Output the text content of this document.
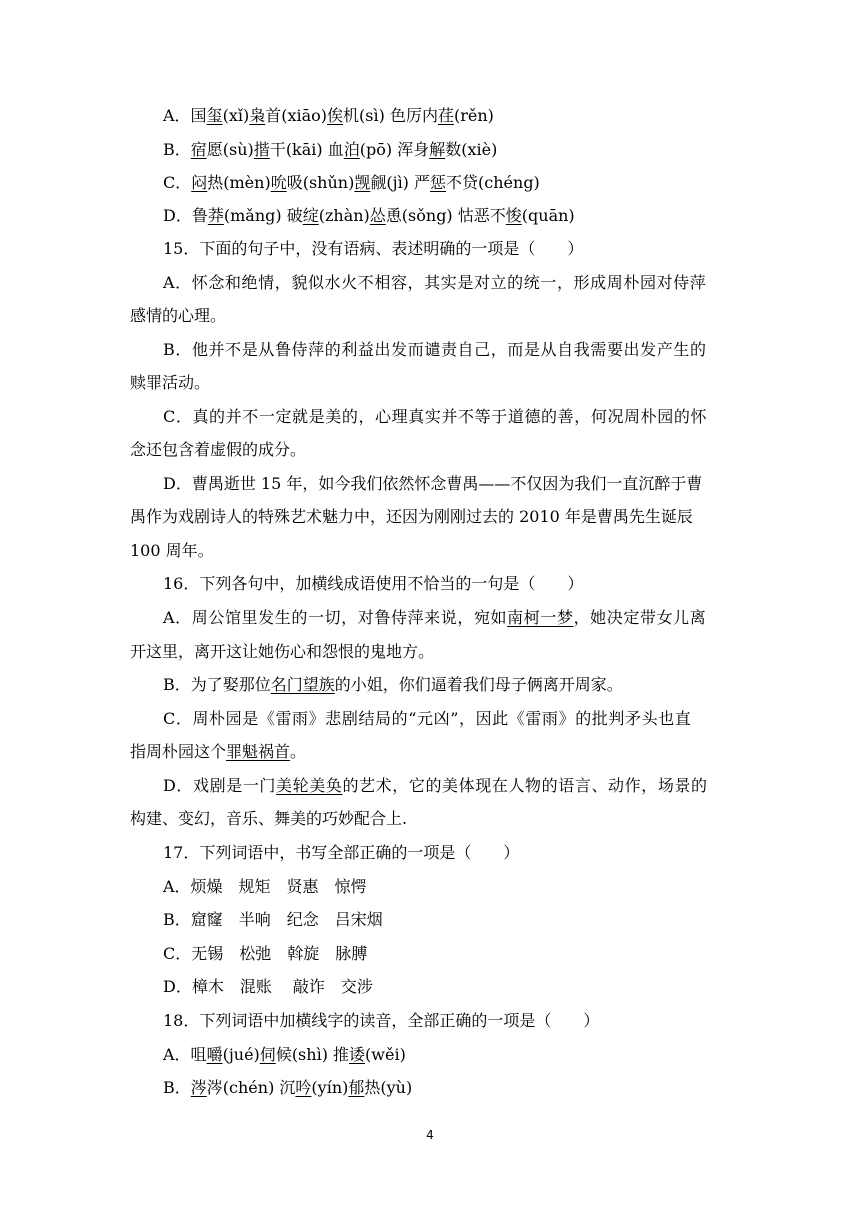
A．国玺(xǐ)枭首(xiāo)俟机(sì) 色厉内荏(rěn)
B．宿愿(sù)揩干(kāi) 血泊(pō) 浑身解数(xiè)
C．闷热(mèn)吮吸(shǔn)觊觎(jì) 严惩不贷(chéng)
D．鲁莽(mǎng) 破绽(zhàn)怂恿(sǒng) 怙恶不悛(quān)
15．下面的句子中，没有语病、表述明确的一项是（　　）
A．怀念和绝情，貌似水火不相容，其实是对立的统一，形成周朴园对侍萍
感情的心理。
B．他并不是从鲁侍萍的利益出发而谴责自己，而是从自我需要出发产生的
赎罪活动。
C．真的并不一定就是美的，心理真实并不等于道德的善，何况周朴园的怀
念还包含着虚假的成分。
D．曹禺逝世 15 年，如今我们依然怀念曹禺——不仅因为我们一直沉醉于曹
禺作为戏剧诗人的特殊艺术魅力中，还因为刚刚过去的 2010 年是曹禺先生诞辰
100 周年。
16．下列各句中，加横线成语使用不恰当的一句是（　　）
A．周公馆里发生的一切，对鲁侍萍来说，宛如南柯一梦，她决定带女儿离
开这里，离开这让她伤心和怨恨的鬼地方。
B．为了娶那位名门望族的小姐，你们逼着我们母子俩离开周家。
C．周朴园是《雷雨》悲剧结局的“元凶”，因此《雷雨》的批判矛头也直
指周朴园这个罪魁祸首。
D．戏剧是一门美轮美奂的艺术，它的美体现在人物的语言、动作，场景的
构建、变幻，音乐、舞美的巧妙配合上.
17．下列词语中，书写全部正确的一项是（　　）
A．烦燥　规矩　贤惠　惊愕
B．窟窿　半响　纪念　吕宋烟
C．无锡　松弛　斡旋　脉膊
D．樟木　混账　 敲诈　交涉
18．下列词语中加横线字的读音，全部正确的一项是（　　）
A．咀嚼(jué)伺候(shì) 推诿(wěi)
B．涔涔(chén) 沉吟(yín)郁热(yù)
4
